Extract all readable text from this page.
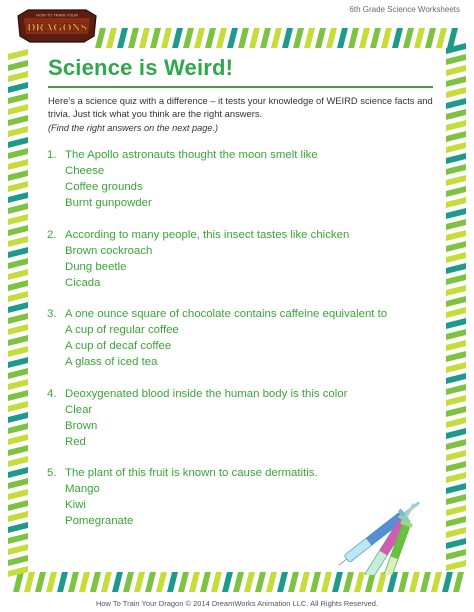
HOW TO TRAIN YOUR
DRAGONS
6th Grade Science Worksheets
Science is Weird!

Here’s a science quiz with a difference – it tests your knowledge of WEIRD science facts and trivia. Just tick what you think are the right answers.

(Find the right answers on the next page.)

1. The Apollo astronauts thought the moon smelt like
Cheese
Coffee grounds
Burnt gunpowder
2. According to many people, this insect tastes like chicken
Brown cockroach
Dung beetle
Cicada
3. A one ounce square of chocolate contains caffeine equivalent to
A cup of regular coffee
A cup of decaf coffee
A glass of iced tea
4. Deoxygenated blood inside the human body is this color
Clear
Brown
Red
5. The plant of this fruit is known to cause dermatitis.
Mango
Kiwi
Pomegranate
How To Train Your Dragon © 2014 DreamWorks Animation LLC. All Rights Reserved.
